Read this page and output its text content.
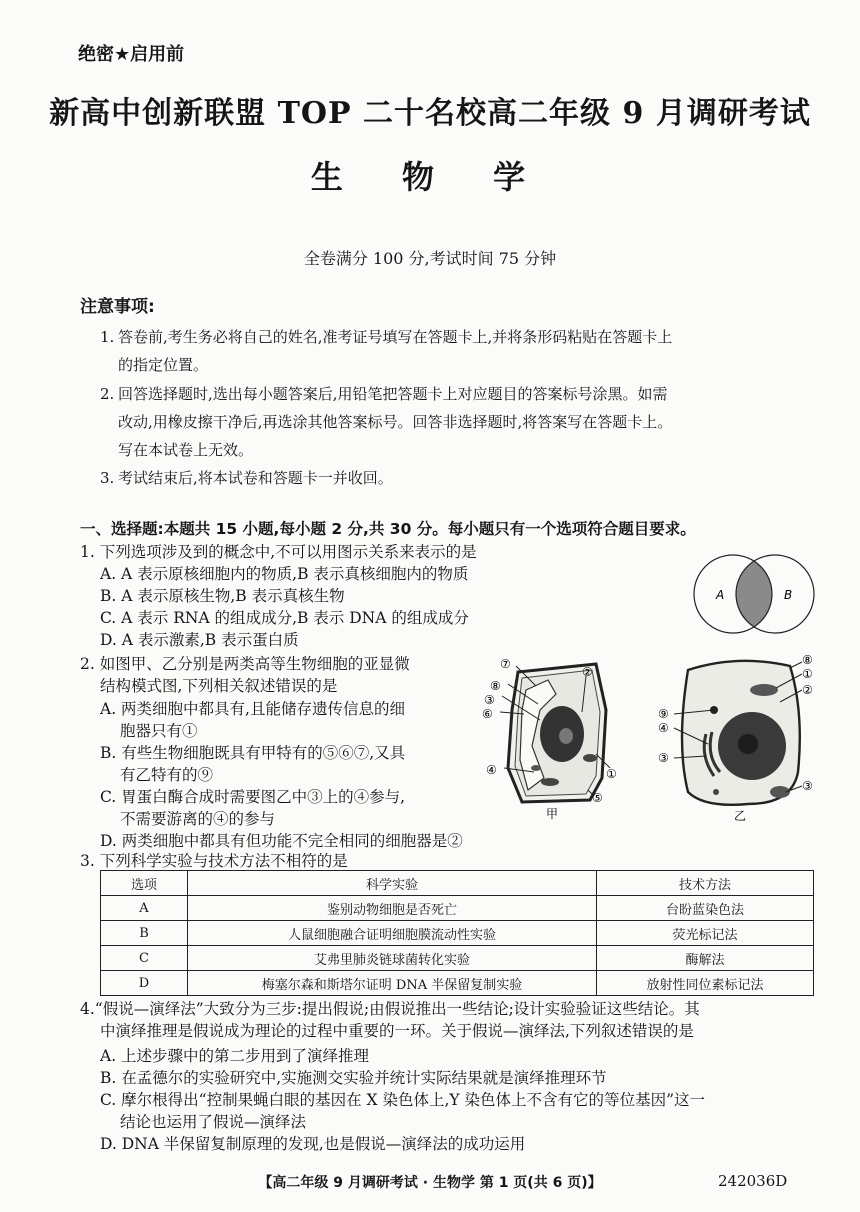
绝密★启用前
新高中创新联盟 TOP 二十名校高二年级 9 月调研考试
生 物 学
全卷满分 100 分,考试时间 75 分钟
注意事项:
1. 答卷前,考生务必将自己的姓名,准考证号填写在答题卡上,并将条形码粘贴在答题卡上
的指定位置。
2. 回答选择题时,选出每小题答案后,用铅笔把答题卡上对应题目的答案标号涂黑。如需
改动,用橡皮擦干净后,再选涂其他答案标号。回答非选择题时,将答案写在答题卡上。
写在本试卷上无效。
3. 考试结束后,将本试卷和答题卡一并收回。
一、选择题:本题共 15 小题,每小题 2 分,共 30 分。每小题只有一个选项符合题目要求。
1. 下列选项涉及到的概念中,不可以用图示关系来表示的是
A. A 表示原核细胞内的物质,B 表示真核细胞内的物质
B. A 表示原核生物,B 表示真核生物
C. A 表示 RNA 的组成成分,B 表示 DNA 的组成成分
D. A 表示激素,B 表示蛋白质
A	B
2. 如图甲、乙分别是两类高等生物细胞的亚显微
结构模式图,下列相关叙述错误的是
A. 两类细胞中都具有,且能储存遗传信息的细
胞器只有①
B. 有些生物细胞既具有甲特有的⑤⑥⑦,又具
有乙特有的⑨
C. 胃蛋白酶合成时需要图乙中③上的④参与,
不需要游离的④的参与
D. 两类细胞中都具有但功能不完全相同的细胞器是②
⑦
②
⑧
③
⑥
①
④
⑤
甲
⑧
①
②
⑨
④
③
③
乙
3. 下列科学实验与技术方法不相符的是
选项	科学实验	技术方法
A	鉴别动物细胞是否死亡	台盼蓝染色法
B	人鼠细胞融合证明细胞膜流动性实验	荧光标记法
C	艾弗里肺炎链球菌转化实验	酶解法
D	梅塞尔森和斯塔尔证明 DNA 半保留复制实验	放射性同位素标记法
4.“假说—演绎法”大致分为三步:提出假说;由假说推出一些结论;设计实验验证这些结论。其
中演绎推理是假说成为理论的过程中重要的一环。关于假说—演绎法,下列叙述错误的是
A. 上述步骤中的第二步用到了演绎推理
B. 在孟德尔的实验研究中,实施测交实验并统计实际结果就是演绎推理环节
C. 摩尔根得出“控制果蝇白眼的基因在 X 染色体上,Y 染色体上不含有它的等位基因”这一
结论也运用了假说—演绎法
D. DNA 半保留复制原理的发现,也是假说—演绎法的成功运用
【高二年级 9 月调研考试 · 生物学 第 1 页(共 6 页)】	242036D
